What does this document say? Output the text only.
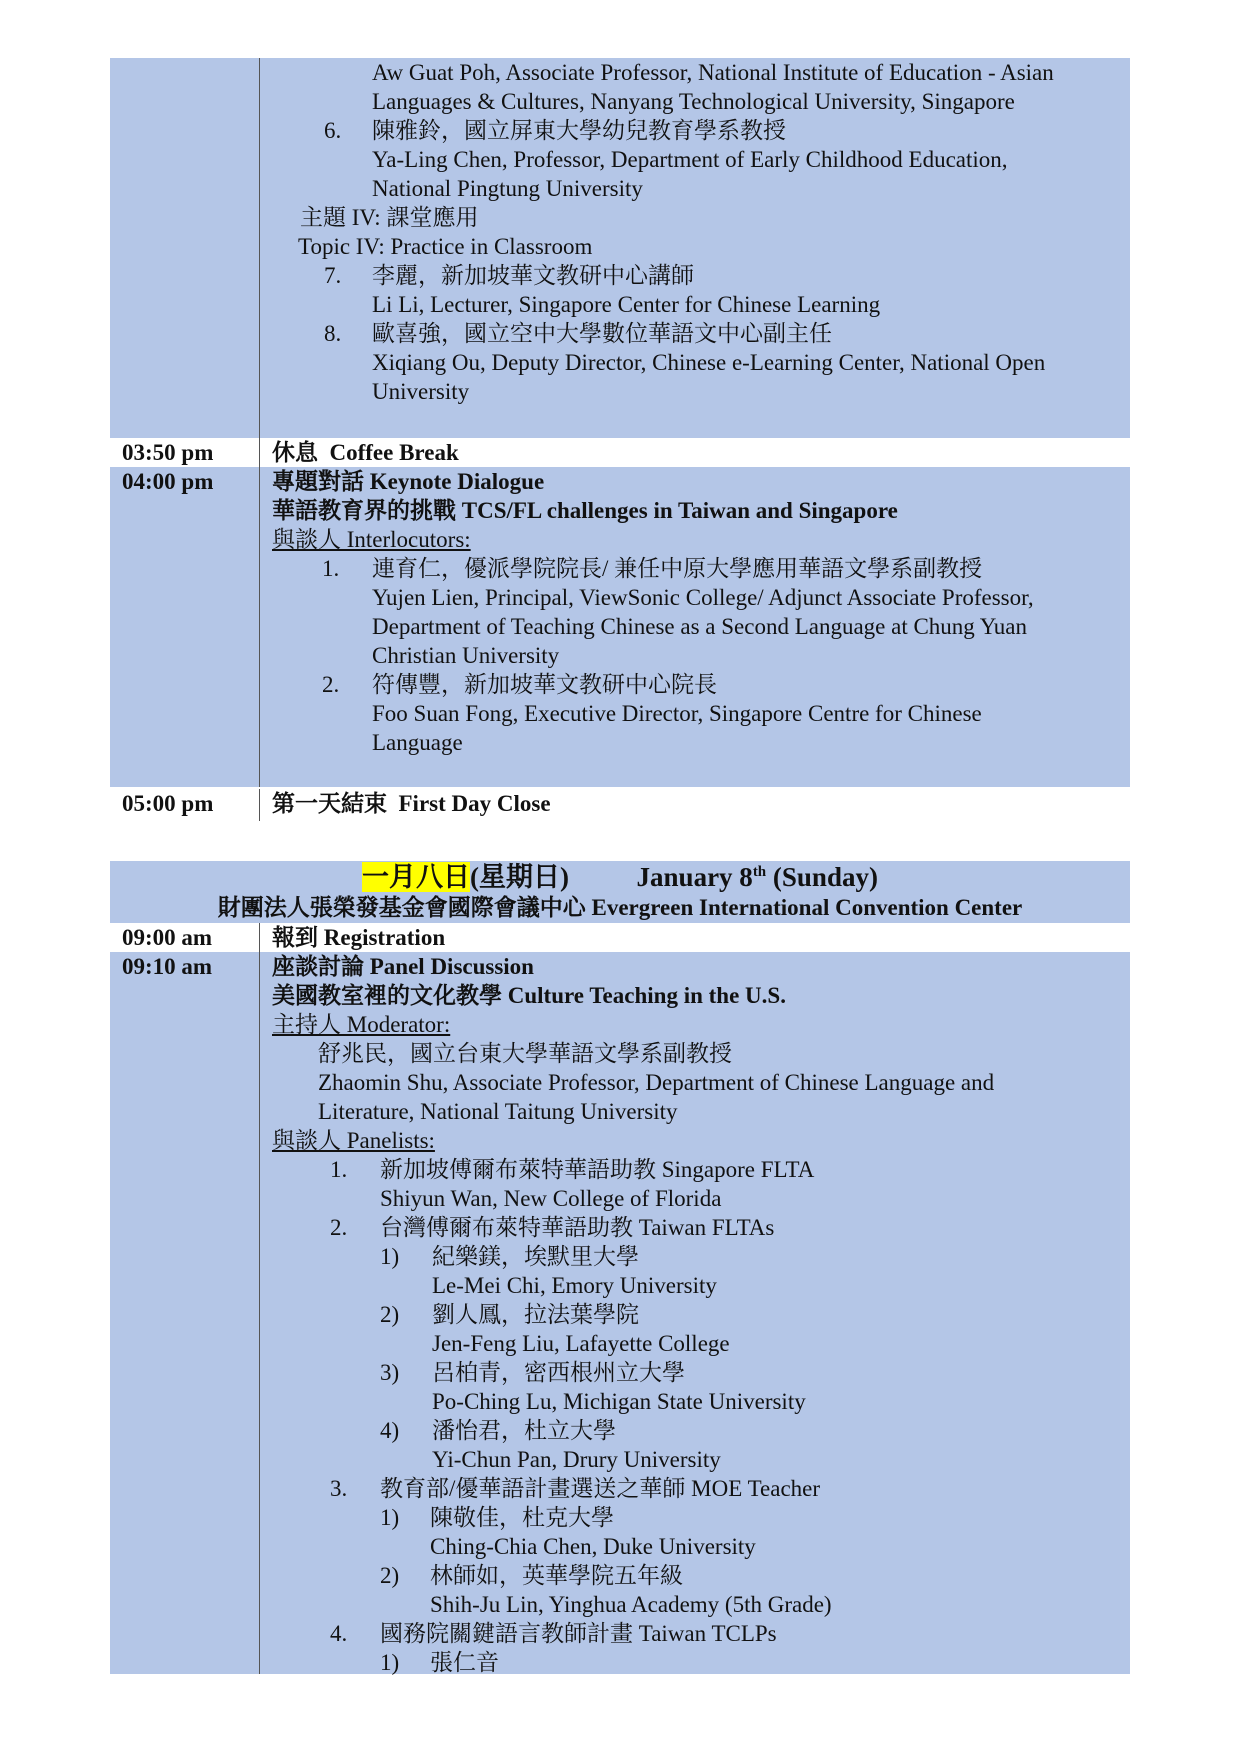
Aw Guat Poh, Associate Professor, National Institute of Education - Asian
Languages & Cultures, Nanyang Technological University, Singapore
6.	陳雅鈴，國立屏東大學幼兒教育學系教授
Ya-Ling Chen, Professor, Department of Early Childhood Education,
National Pingtung University
主題 IV: 課堂應用
Topic IV: Practice in Classroom
7.	李麗，新加坡華文教研中心講師
Li Li, Lecturer, Singapore Center for Chinese Learning
8.	歐喜強，國立空中大學數位華語文中心副主任
Xiqiang Ou, Deputy Director, Chinese e-Learning Center, National Open
University
03:50 pm	休息 Coffee Break
04:00 pm	專題對話 Keynote Dialogue
華語教育界的挑戰 TCS/FL challenges in Taiwan and Singapore
與談人 Interlocutors:
1.	連育仁，優派學院院長/ 兼任中原大學應用華語文學系副教授
Yujen Lien, Principal, ViewSonic College/ Adjunct Associate Professor,
Department of Teaching Chinese as a Second Language at Chung Yuan
Christian University
2.	符傳豐，新加坡華文教研中心院長
Foo Suan Fong, Executive Director, Singapore Centre for Chinese
Language
05:00 pm	第一天結束 First Day Close
一月八日(星期日)	January 8th (Sunday)
財團法人張榮發基金會國際會議中心 Evergreen International Convention Center
09:00 am	報到 Registration
09:10 am	座談討論 Panel Discussion
美國教室裡的文化教學 Culture Teaching in the U.S.
主持人 Moderator:
舒兆民，國立台東大學華語文學系副教授
Zhaomin Shu, Associate Professor, Department of Chinese Language and
Literature, National Taitung University
與談人 Panelists:
1.	新加坡傅爾布萊特華語助教 Singapore FLTA
Shiyun Wan, New College of Florida
2.	台灣傅爾布萊特華語助教 Taiwan FLTAs
1)	紀樂鎂，埃默里大學
Le-Mei Chi, Emory University
2)	劉人鳳，拉法葉學院
Jen-Feng Liu, Lafayette College
3)	呂柏青，密西根州立大學
Po-Ching Lu, Michigan State University
4)	潘怡君，杜立大學
Yi-Chun Pan, Drury University
3.	教育部/優華語計畫選送之華師 MOE Teacher
1)	陳敬佳，杜克大學
Ching-Chia Chen, Duke University
2)	林師如，英華學院五年級
Shih-Ju Lin, Yinghua Academy (5th Grade)
4.	國務院關鍵語言教師計畫 Taiwan TCLPs
1)	張仁音
